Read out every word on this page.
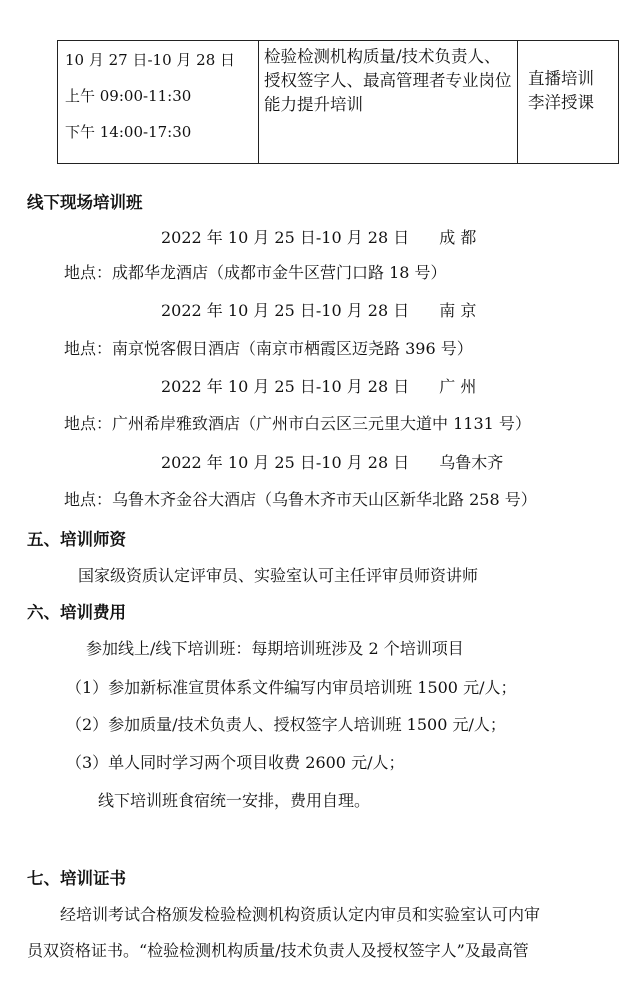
10 月 27 日-10 月 28 日
上午 09:00-11:30
下午 14:00-17:30

检验检测机构质量/技术负责人、授权签字人、最高管理者专业岗位能力提升培训

直播培训
李洋授课
线下现场培训班
2022 年 10 月 25 日-10 月 28 日 成 都
地点：成都华龙酒店（成都市金牛区营门口路 18 号）
2022 年 10 月 25 日-10 月 28 日 南 京
地点：南京悦客假日酒店（南京市栖霞区迈尧路 396 号）
2022 年 10 月 25 日-10 月 28 日 广 州
地点：广州希岸雅致酒店（广州市白云区三元里大道中 1131 号）
2022 年 10 月 25 日-10 月 28 日 乌鲁木齐
地点：乌鲁木齐金谷大酒店（乌鲁木齐市天山区新华北路 258 号）
五、培训师资
国家级资质认定评审员、实验室认可主任评审员师资讲师
六、培训费用
参加线上/线下培训班：每期培训班涉及 2 个培训项目
（1）参加新标准宣贯体系文件编写内审员培训班 1500 元/人；
（2）参加质量/技术负责人、授权签字人培训班 1500 元/人；
（3）单人同时学习两个项目收费 2600 元/人；
线下培训班食宿统一安排，费用自理。
七、培训证书
经培训考试合格颁发检验检测机构资质认定内审员和实验室认可内审
员双资格证书。“检验检测机构质量/技术负责人及授权签字人”及最高管
